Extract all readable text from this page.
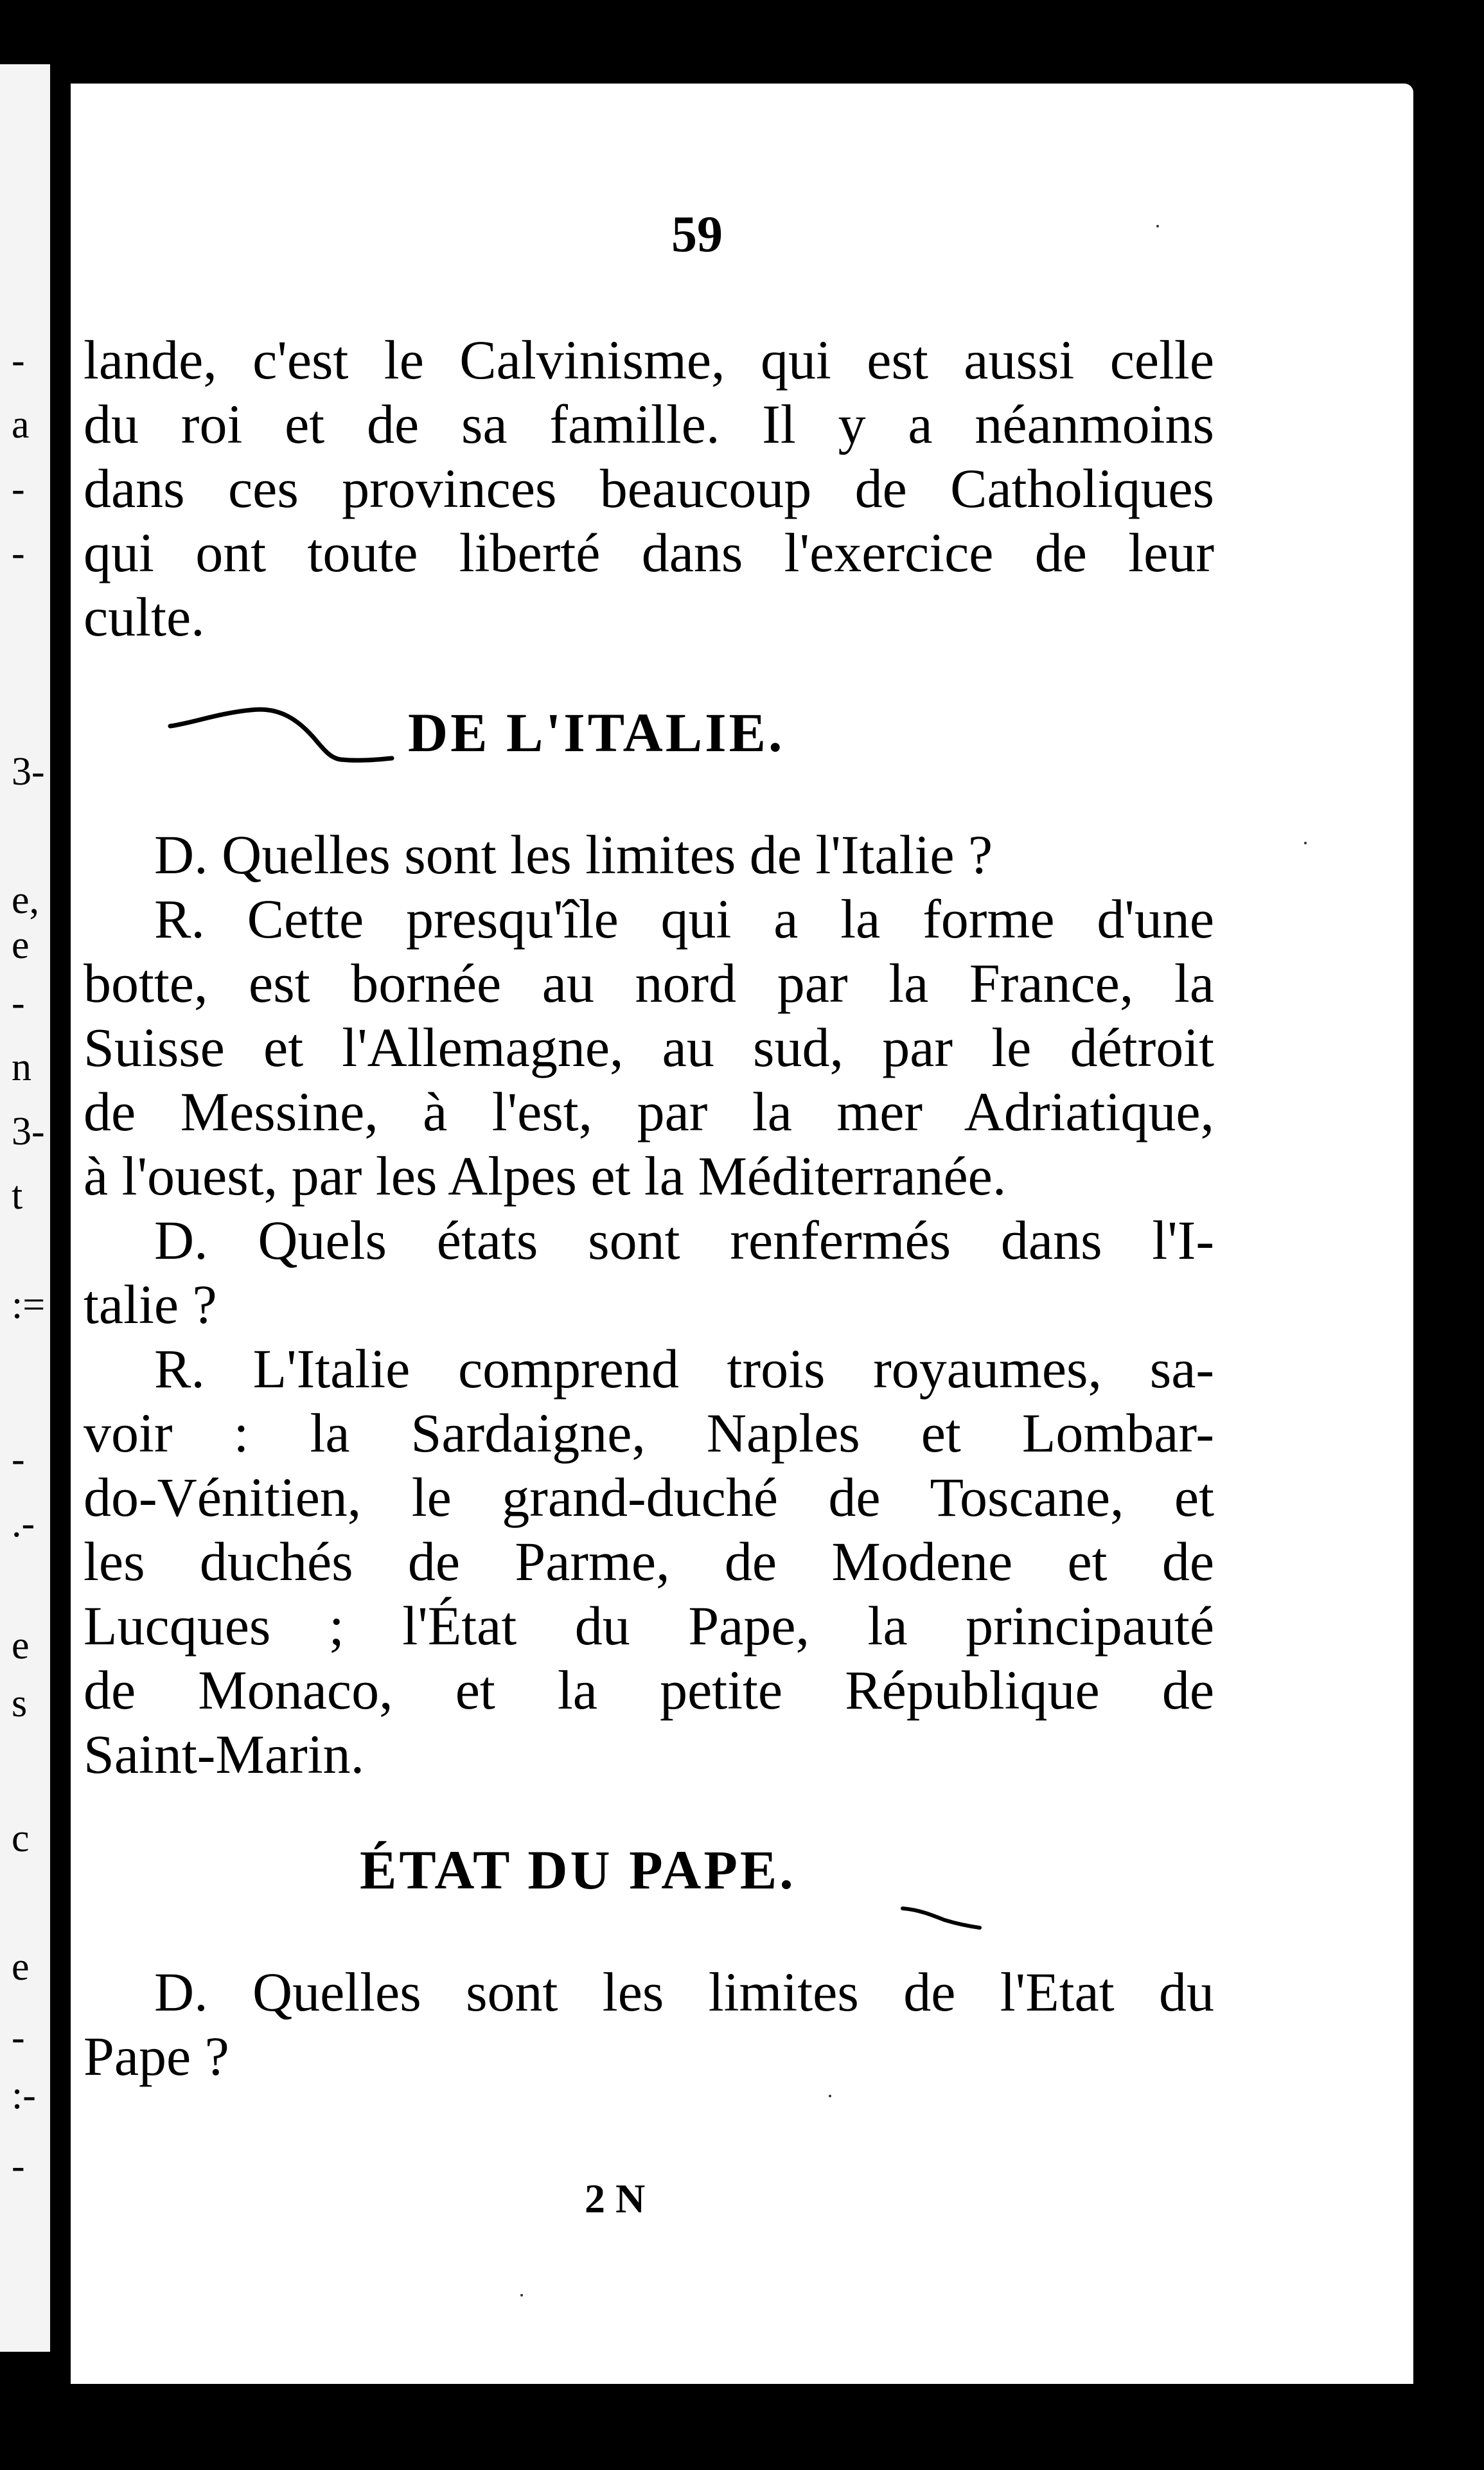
-
a
-
-
3-
e,
e
-
n
3-
t
:=
-
.-
e
s
c
e
-
:-
-
59
lande, c'est le Calvinisme, qui est aussi celle
du roi et de sa famille. Il y a néanmoins
dans ces provinces beaucoup de Catholiques
qui ont toute liberté dans l'exercice de leur
culte.
DE L'ITALIE.
D. Quelles sont les limites de l'Italie ?
R. Cette presqu'île qui a la forme d'une
botte, est bornée au nord par la France, la
Suisse et l'Allemagne, au sud, par le détroit
de Messine, à l'est, par la mer Adriatique,
à l'ouest, par les Alpes et la Méditerranée.
D. Quels états sont renfermés dans l'I-
talie ?
R. L'Italie comprend trois royaumes, sa-
voir : la Sardaigne, Naples et Lombar-
do-Vénitien, le grand-duché de Toscane, et
les duchés de Parme, de Modene et de
Lucques ; l'État du Pape, la principauté
de Monaco, et la petite République de
Saint-Marin.
ÉTAT DU PAPE.
D. Quelles sont les limites de l'Etat du
Pape ?
2 N
